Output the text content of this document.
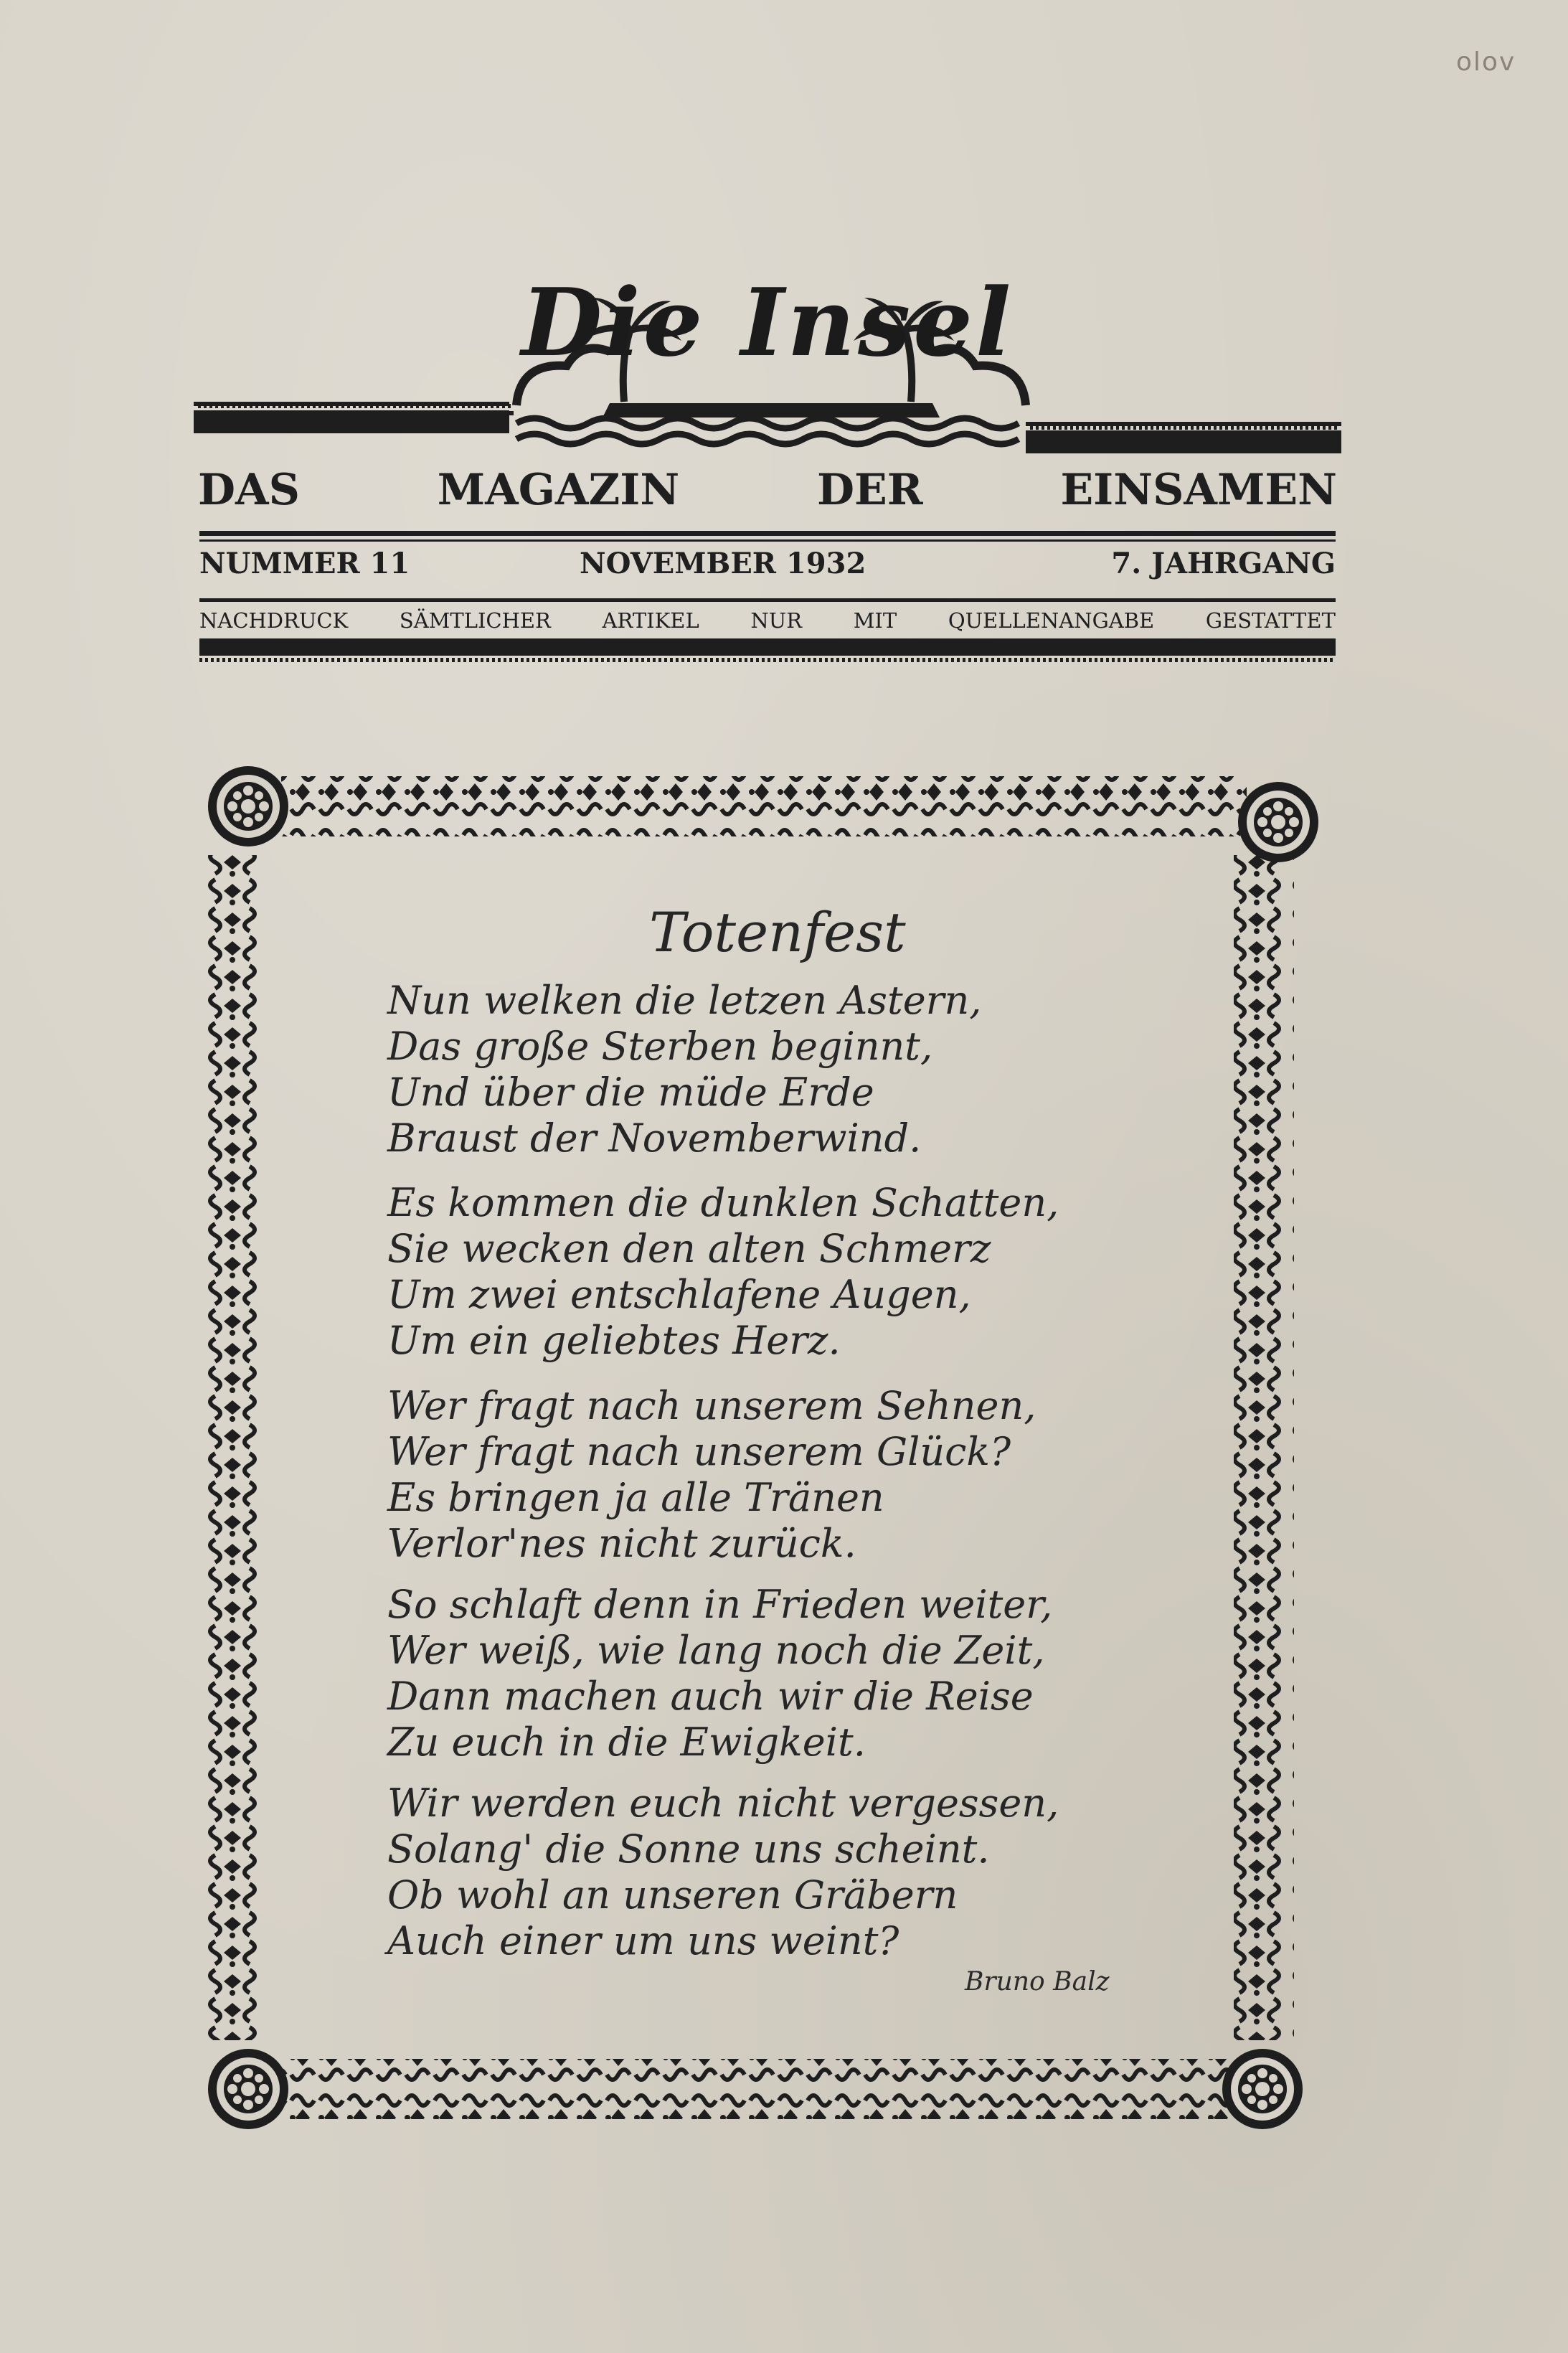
olov
Die Insel
DAS	MAGAZIN	DER	EINSAMEN
NUMMER 11	NOVEMBER 1932	7. JAHRGANG
NACHDRUCK SÄMTLICHER ARTIKEL NUR MIT QUELLENANGABE GESTATTET
Totenfest
Nun welken die letzen Astern,
Das große Sterben beginnt,
Und über die müde Erde
Braust der Novemberwind.
Es kommen die dunklen Schatten,
Sie wecken den alten Schmerz
Um zwei entschlafene Augen,
Um ein geliebtes Herz.
Wer fragt nach unserem Sehnen,
Wer fragt nach unserem Glück?
Es bringen ja alle Tränen
Verlor'nes nicht zurück.
So schlaft denn in Frieden weiter,
Wer weiß, wie lang noch die Zeit,
Dann machen auch wir die Reise
Zu euch in die Ewigkeit.
Wir werden euch nicht vergessen,
Solang' die Sonne uns scheint.
Ob wohl an unseren Gräbern
Auch einer um uns weint?
Bruno Balz
